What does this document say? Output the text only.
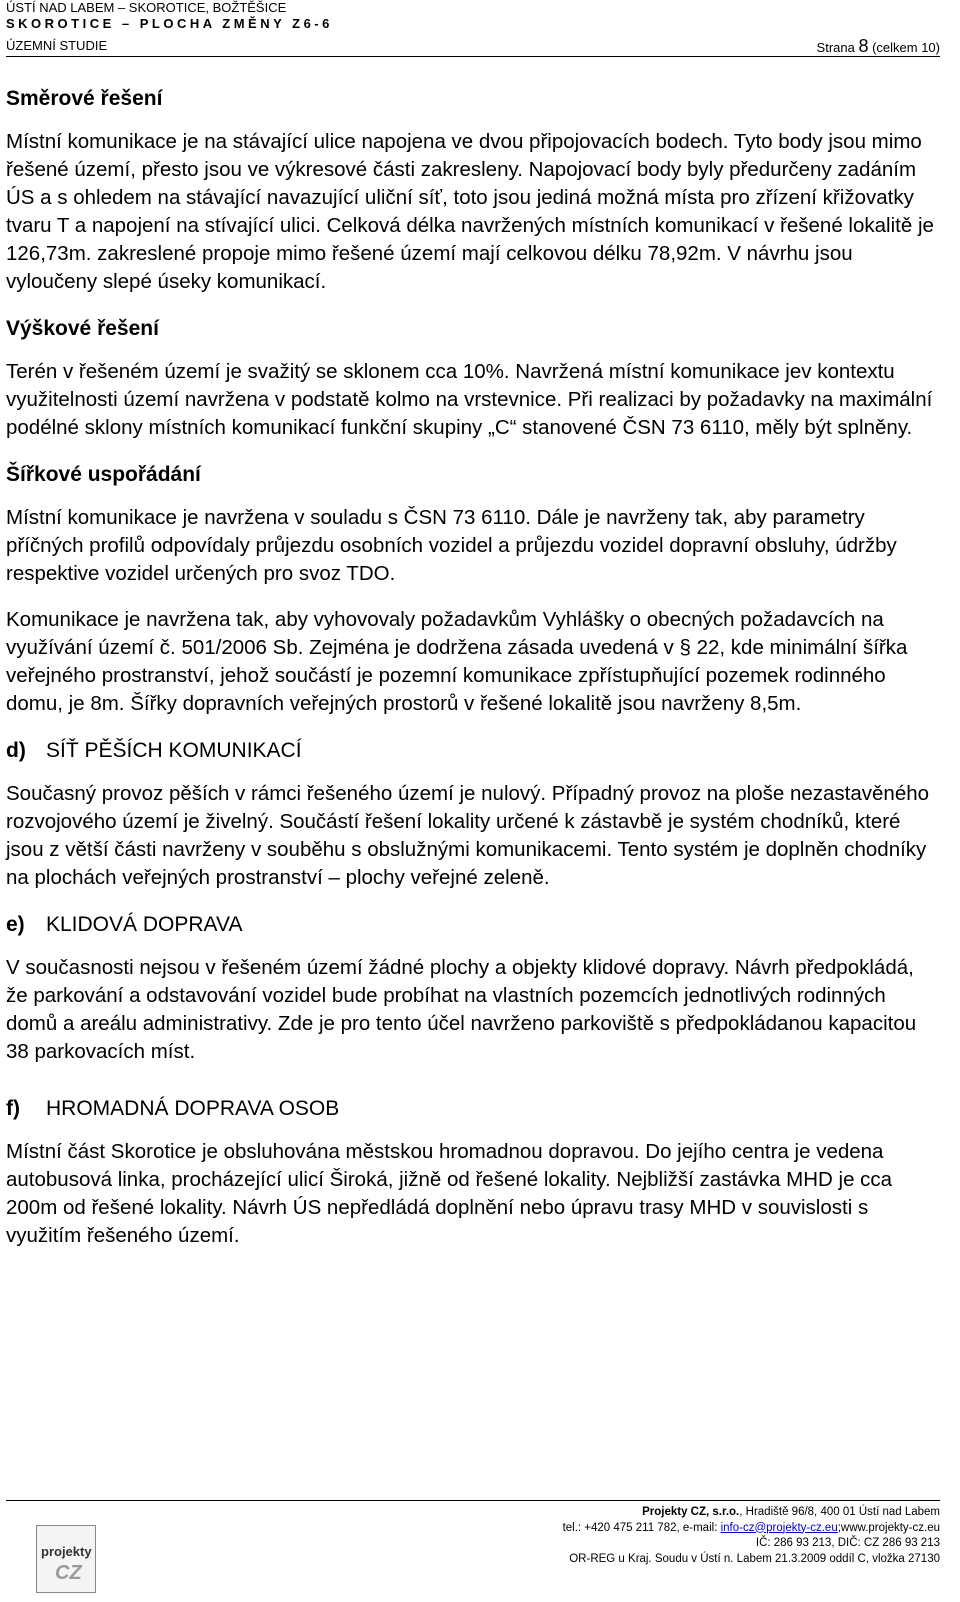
ÚSTÍ NAD LABEM – SKOROTICE, BOŽTĚŠICE
SKOROTICE – PLOCHA ZMĚNY Z6-6
ÚZEMNÍ STUDIE	Strana 8 (celkem 10)
Směrové řešení

Místní komunikace je na stávající ulice napojena ve dvou připojovacích bodech. Tyto body jsou mimo řešené území, přesto jsou ve výkresové části zakresleny. Napojovací body byly předurčeny zadáním ÚS a s ohledem na stávající navazující uliční síť, toto jsou jediná možná místa pro zřízení křižovatky tvaru T a napojení na stívající ulici. Celková délka navržených místních komunikací v řešené lokalitě je 126,73m. zakreslené propoje mimo řešené území mají celkovou délku 78,92m. V návrhu jsou vyloučeny slepé úseky komunikací.

Výškové řešení

Terén v řešeném území je svažitý se sklonem cca 10%. Navržená místní komunikace jev kontextu využitelnosti území navržena v podstatě kolmo na vrstevnice. Při realizaci by požadavky na maximální podélné sklony místních komunikací funkční skupiny „C“ stanovené ČSN 73 6110, měly být splněny.

Šířkové uspořádání

Místní komunikace je navržena v souladu s ČSN 73 6110. Dále je navrženy tak, aby parametry příčných profilů odpovídaly průjezdu osobních vozidel a průjezdu vozidel dopravní obsluhy, údržby respektive vozidel určených pro svoz TDO.

Komunikace je navržena tak, aby vyhovovaly požadavkům Vyhlášky o obecných požadavcích na využívání území č. 501/2006 Sb. Zejména je dodržena zásada uvedená v § 22, kde minimální šířka veřejného prostranství, jehož součástí je pozemní komunikace zpřístupňující pozemek rodinného domu, je 8m. Šířky dopravních veřejných prostorů v řešené lokalitě jsou navrženy 8,5m.

d) SÍŤ PĚŠÍCH KOMUNIKACÍ

Současný provoz pěších v rámci řešeného území je nulový. Případný provoz na ploše nezastavěného rozvojového území je živelný. Součástí řešení lokality určené k zástavbě je systém chodníků, které jsou z větší části navrženy v souběhu s obslužnými komunikacemi. Tento systém je doplněn chodníky na plochách veřejných prostranství – plochy veřejné zeleně.

e) KLIDOVÁ DOPRAVA

V současnosti nejsou v řešeném území žádné plochy a objekty klidové dopravy. Návrh předpokládá, že parkování a odstavování vozidel bude probíhat na vlastních pozemcích jednotlivých rodinných domů a areálu administrativy. Zde je pro tento účel navrženo parkoviště s předpokládanou kapacitou 38 parkovacích míst.

f) HROMADNÁ DOPRAVA OSOB

Místní část Skorotice je obsluhována městskou hromadnou dopravou. Do jejího centra je vedena autobusová linka, procházející ulicí Široká, jižně od řešené lokality. Nejbližší zastávka MHD je cca 200m od řešené lokality. Návrh ÚS nepředládá doplnění nebo úpravu trasy MHD v souvislosti s využitím řešeného území.

projekty
CZ
Projekty CZ, s.r.o., Hradiště 96/8, 400 01 Ústí nad Labem
tel.: +420 475 211 782, e-mail: info-cz@projekty-cz.eu;www.projekty-cz.eu
IČ: 286 93 213, DIČ: CZ 286 93 213
OR-REG u Kraj. Soudu v Ústí n. Labem 21.3.2009 oddíl C, vložka 27130
